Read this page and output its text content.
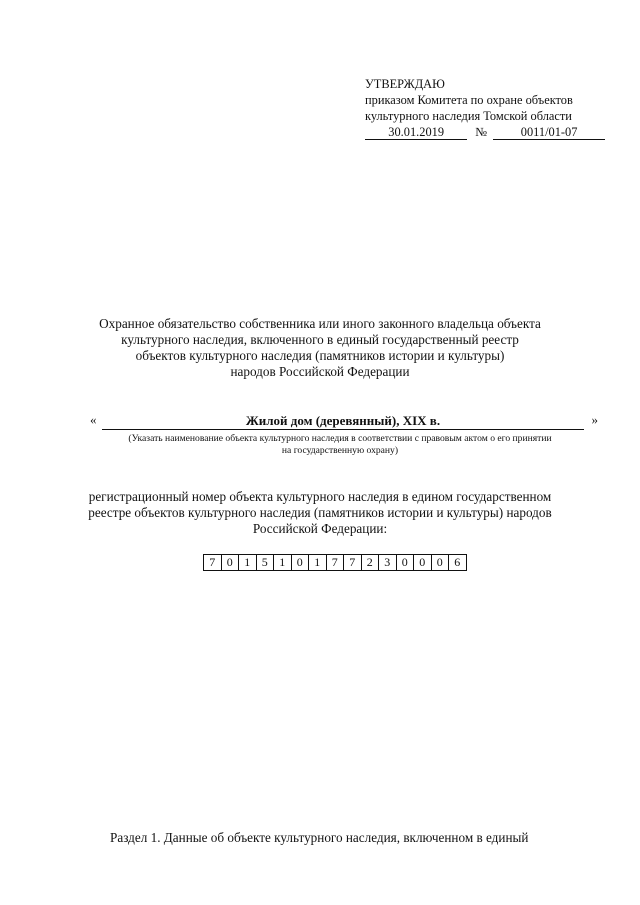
УТВЕРЖДАЮ
приказом Комитета по охране объектов
культурного наследия Томской области
30.01.2019	№	0011/01-07
Охранное обязательство собственника или иного законного владельца объекта
культурного наследия, включенного в единый государственный реестр
объектов культурного наследия (памятников истории и культуры)
народов Российской Федерации
«	Жилой дом (деревянный), XIX в.	»
(Указать наименование объекта культурного наследия в соответствии с правовым актом о его принятии
на государственную охрану)
регистрационный номер объекта культурного наследия в едином государственном
реестре объектов культурного наследия (памятников истории и культуры) народов
Российской Федерации:
7 0 1 5 1 0 1 7 7 2 3 0 0 0 6
Раздел 1. Данные об объекте культурного наследия, включенном в единый
